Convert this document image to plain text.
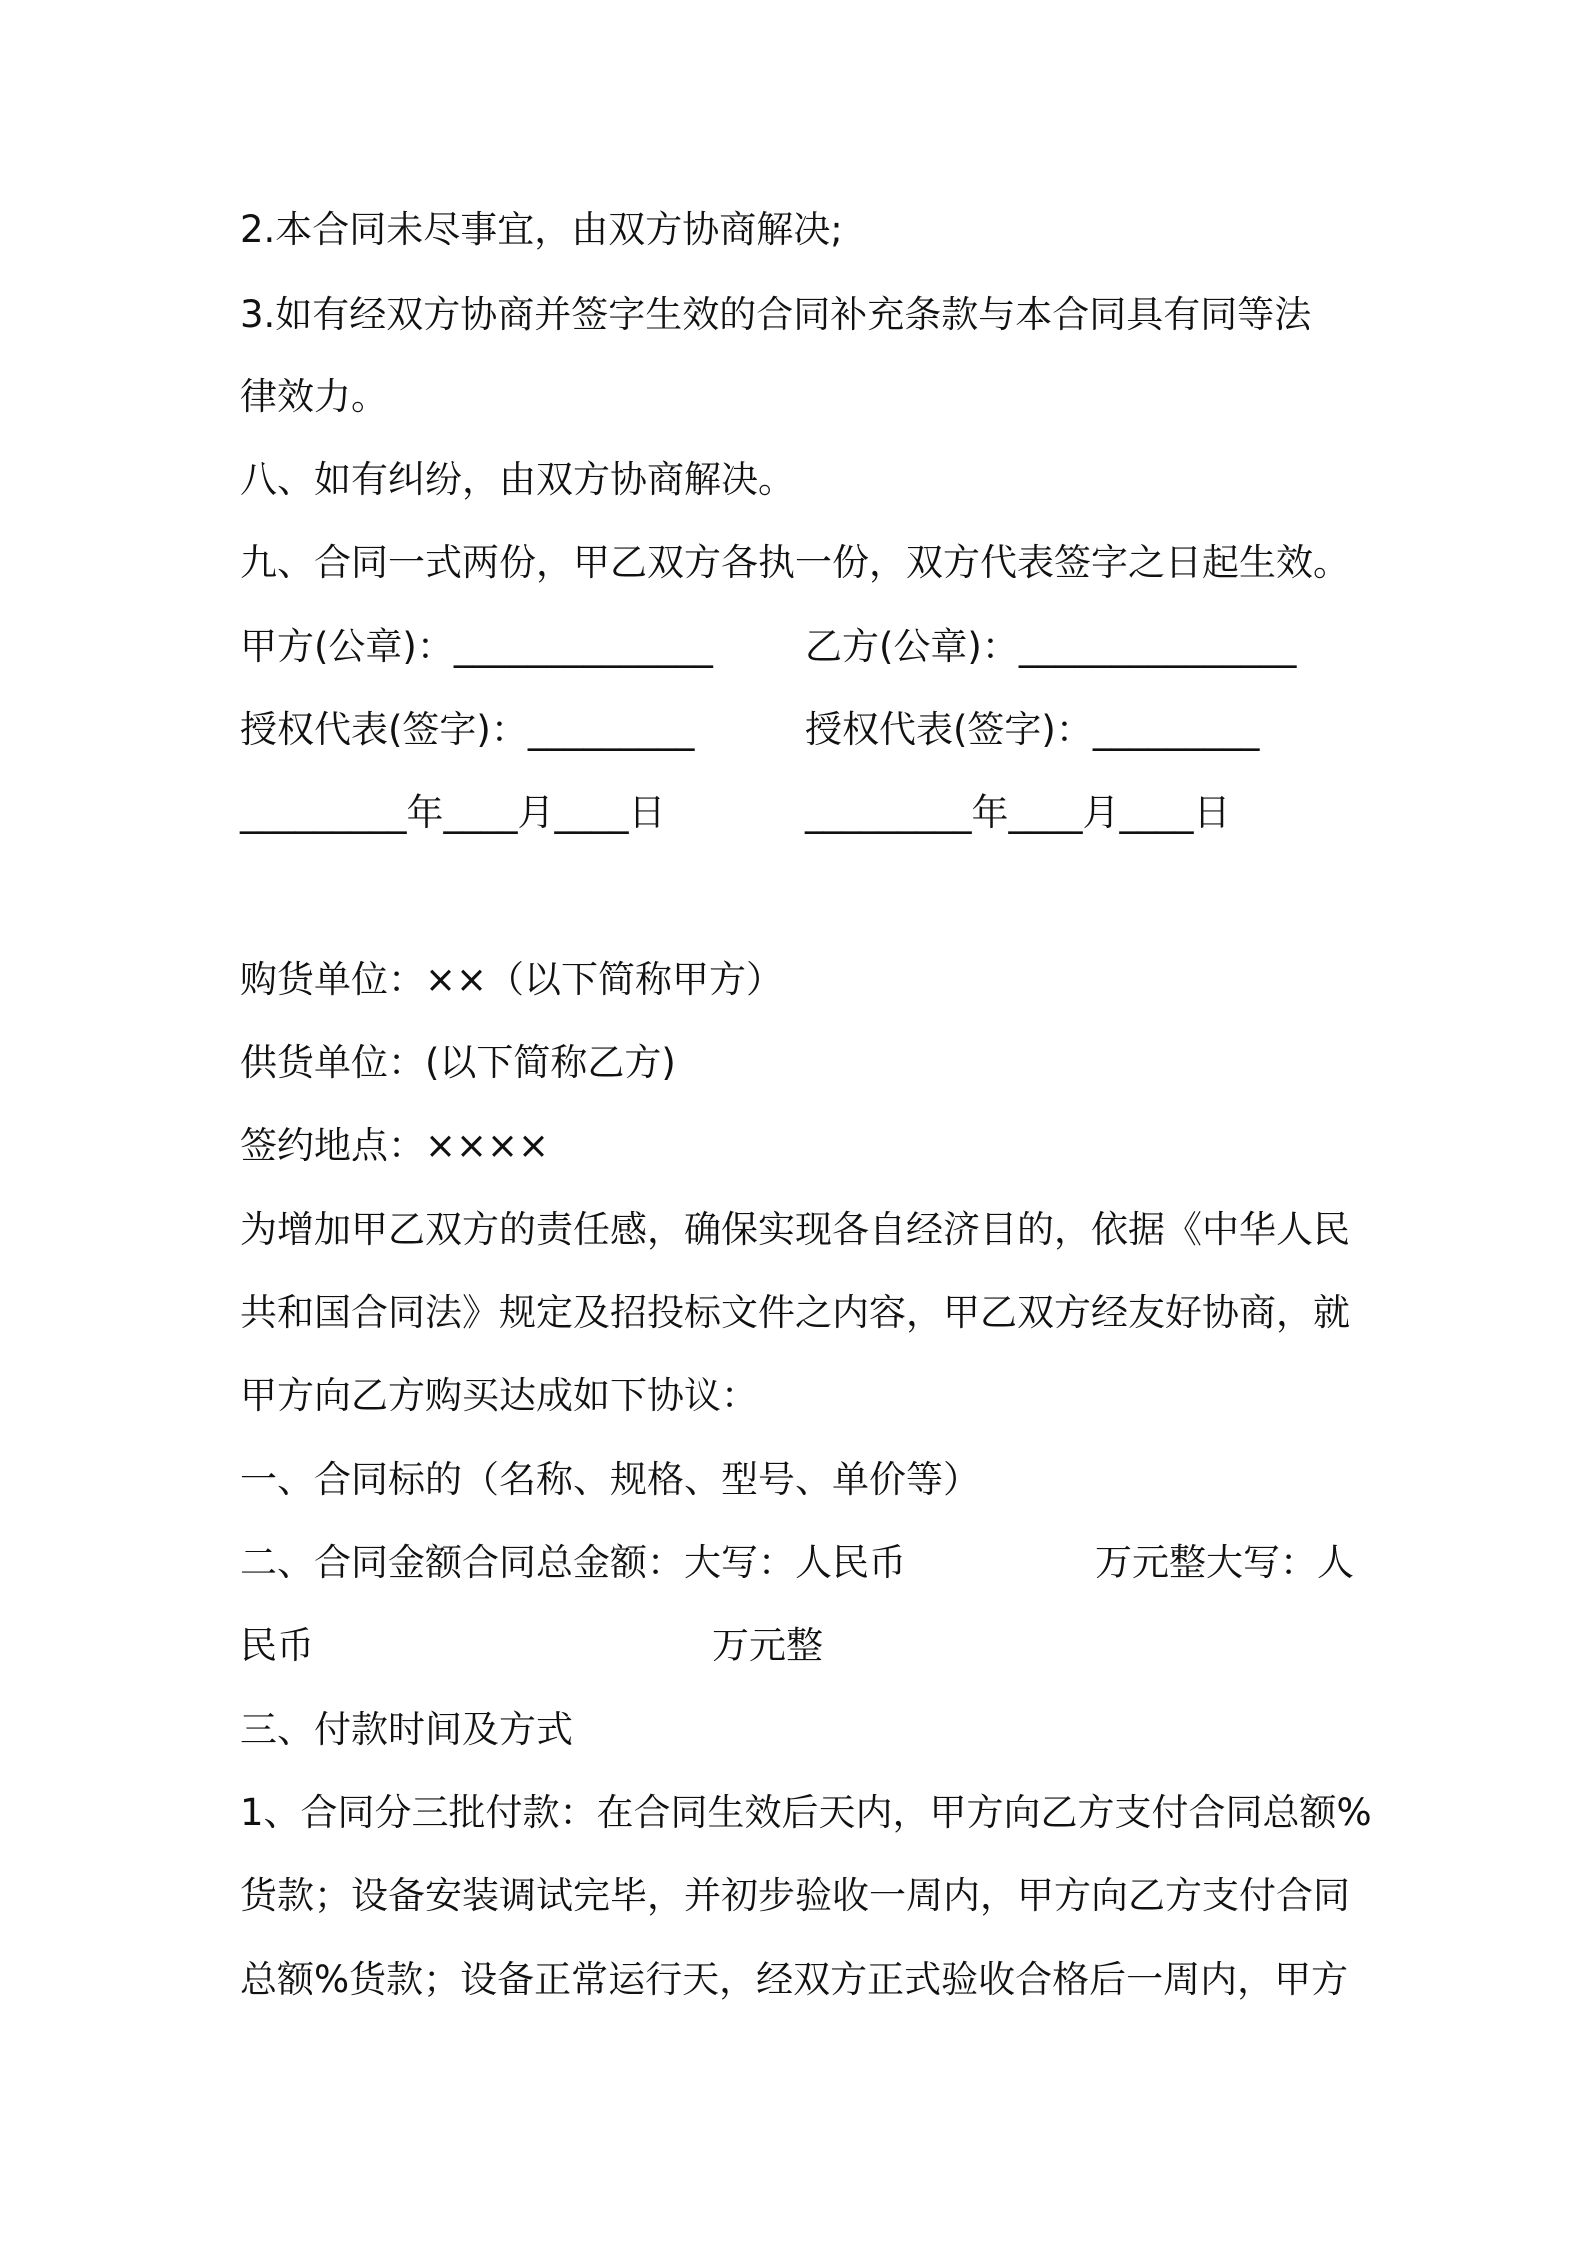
2.本合同未尽事宜，由双方协商解决;
3.如有经双方协商并签字生效的合同补充条款与本合同具有同等法
律效力。
八、如有纠纷，由双方协商解决。
九、合同一式两份，甲乙双方各执一份，双方代表签字之日起生效。
甲方(公章)：______________ 乙方(公章)：_______________
授权代表(签字)：_________	授权代表(签字)：_________
_________年____月____日	_________年____月____日
购货单位：××（以下简称甲方）
供货单位：(以下简称乙方)
签约地点：××××
为增加甲乙双方的责任感，确保实现各自经济目的，依据《中华人民
共和国合同法》规定及招投标文件之内容，甲乙双方经友好协商，就
甲方向乙方购买达成如下协议：
一、合同标的（名称、规格、型号、单价等）
二、合同金额合同总金额：大写：人民币	万元整大写：人
民币	万元整
三、付款时间及方式
1、合同分三批付款：在合同生效后天内，甲方向乙方支付合同总额%
货款；设备安装调试完毕，并初步验收一周内，甲方向乙方支付合同
总额%货款；设备正常运行天，经双方正式验收合格后一周内，甲方
